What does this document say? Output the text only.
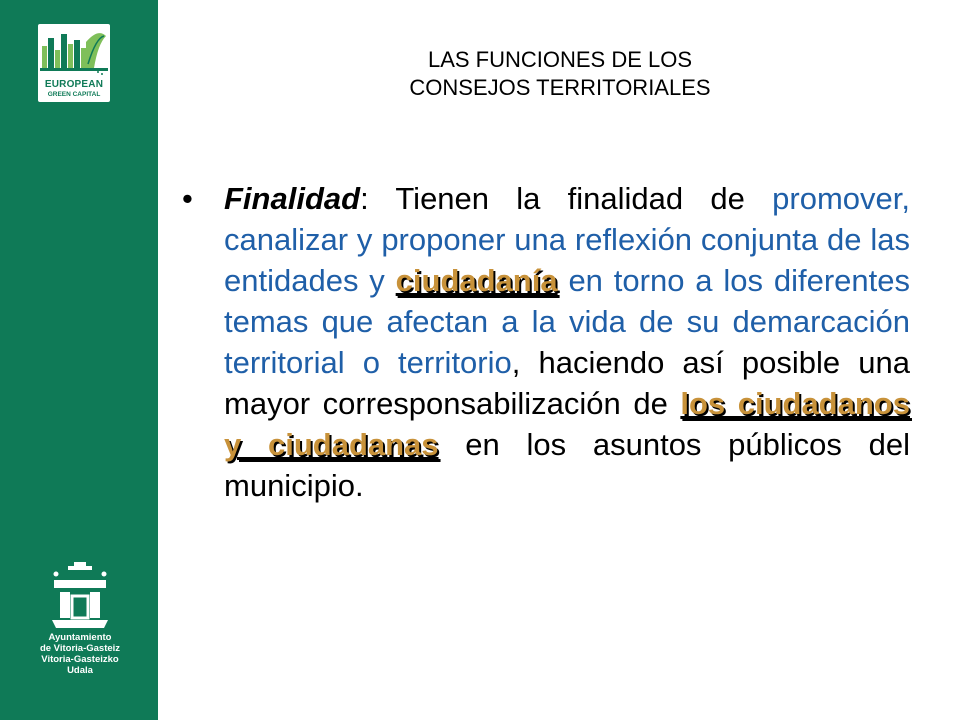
EUROPEAN
GREEN CAPITAL
Ayuntamiento
de Vitoria-Gasteiz
Vitoria-Gasteizko
Udala
LAS FUNCIONES DE LOS
CONSEJOS TERRITORIALES
• Finalidad: Tienen la finalidad de promover, canalizar y proponer una reflexión conjunta de las entidades y ciudadanía en torno a los diferentes temas que afectan a la vida de su demarcación territorial o territorio, haciendo así posible una mayor corresponsabilización de los ciudadanos y ciudadanas en los asuntos públicos del municipio.
